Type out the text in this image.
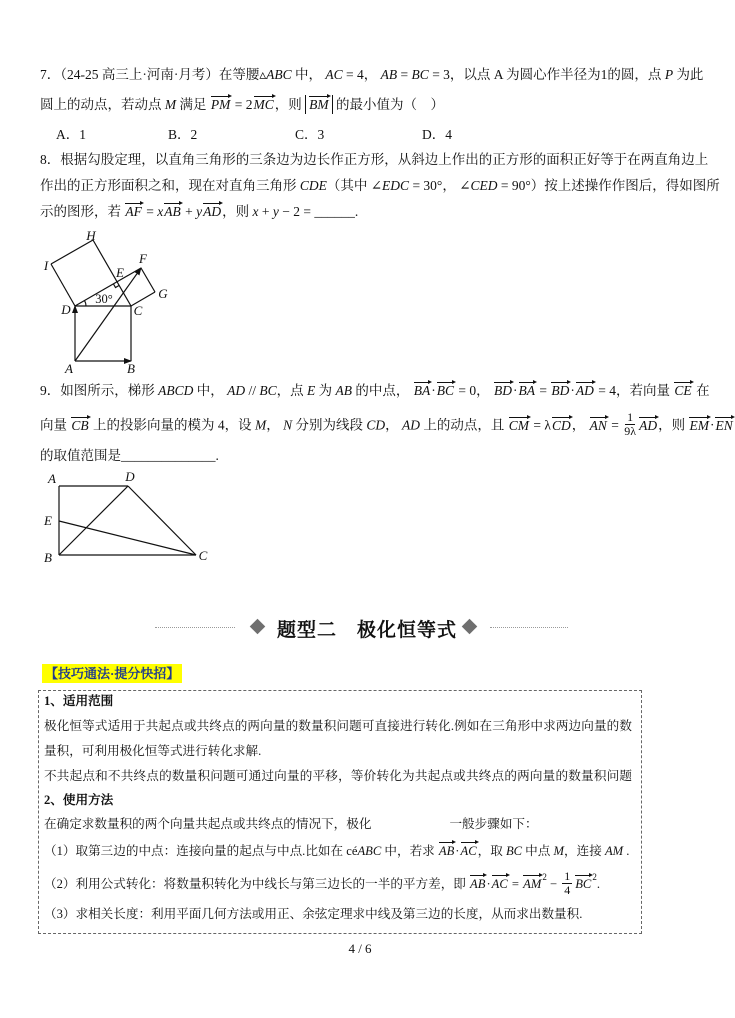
7．（24-25 高三上·河南·月考）在等腰▵ABC 中， AC = 4， AB = BC = 3，以点 A 为圆心作半径为1的圆，点 P 为此
圆上的动点，若动点 M 满足 PM = 2MC，则 BM 的最小值为（　）
A．1	B．2	C．3	D．4
8．根据勾股定理，以直角三角形的三条边为边长作正方形，从斜边上作出的正方形的面积正好等于在两直角边上
作出的正方形面积之和，现在对直角三角形 CDE（其中 ∠EDC = 30°， ∠CED = 90°）按上述操作作图后，得如图所
示的图形，若 AF = xAB + yAD，则 x + y − 2 = ______.
H
I	E
F
G
D	C
A	B
30°
9．如图所示，梯形 ABCD 中， AD // BC，点 E 为 AB 的中点， BA·BC = 0， BD·BA = BD·AD = 4，若向量 CE 在
向量 CB 上的投影向量的模为 4，设 M， N 分别为线段 CD， AD 上的动点，且 CM = λCD， AN = $\frac{1}{9\lambda}$ AD，则 EM·EN
的取值范围是______________.
A	D
E
B	C
题型二　极化恒等式
【技巧通法·提分快招】
1、适用范围
极化恒等式适用于共起点或共终点的两向量的数量积问题可直接进行转化.例如在三角形中求两边向量的数
量积，可利用极化恒等式进行转化求解.
不共起点和不共终点的数量积问题可通过向量的平移，等价转化为共起点或共终点的两向量的数量积问题
2、使用方法
在确定求数量积的两个向量共起点或共终点的情况下，极化	一般步骤如下：
（1）取第三边的中点：连接向量的起点与中点.比如在 céABC 中，若求 AB·AC，取 BC 中点 M，连接 AM .
（2）利用公式转化：将数量积转化为中线长与第三边长的一半的平方差，即 $AB\cdot AC = AM^2 - \frac{1}{4} BC^2$.
（3）求相关长度：利用平面几何方法或用正、余弦定理求中线及第三边的长度，从而求出数量积.
4 / 6
